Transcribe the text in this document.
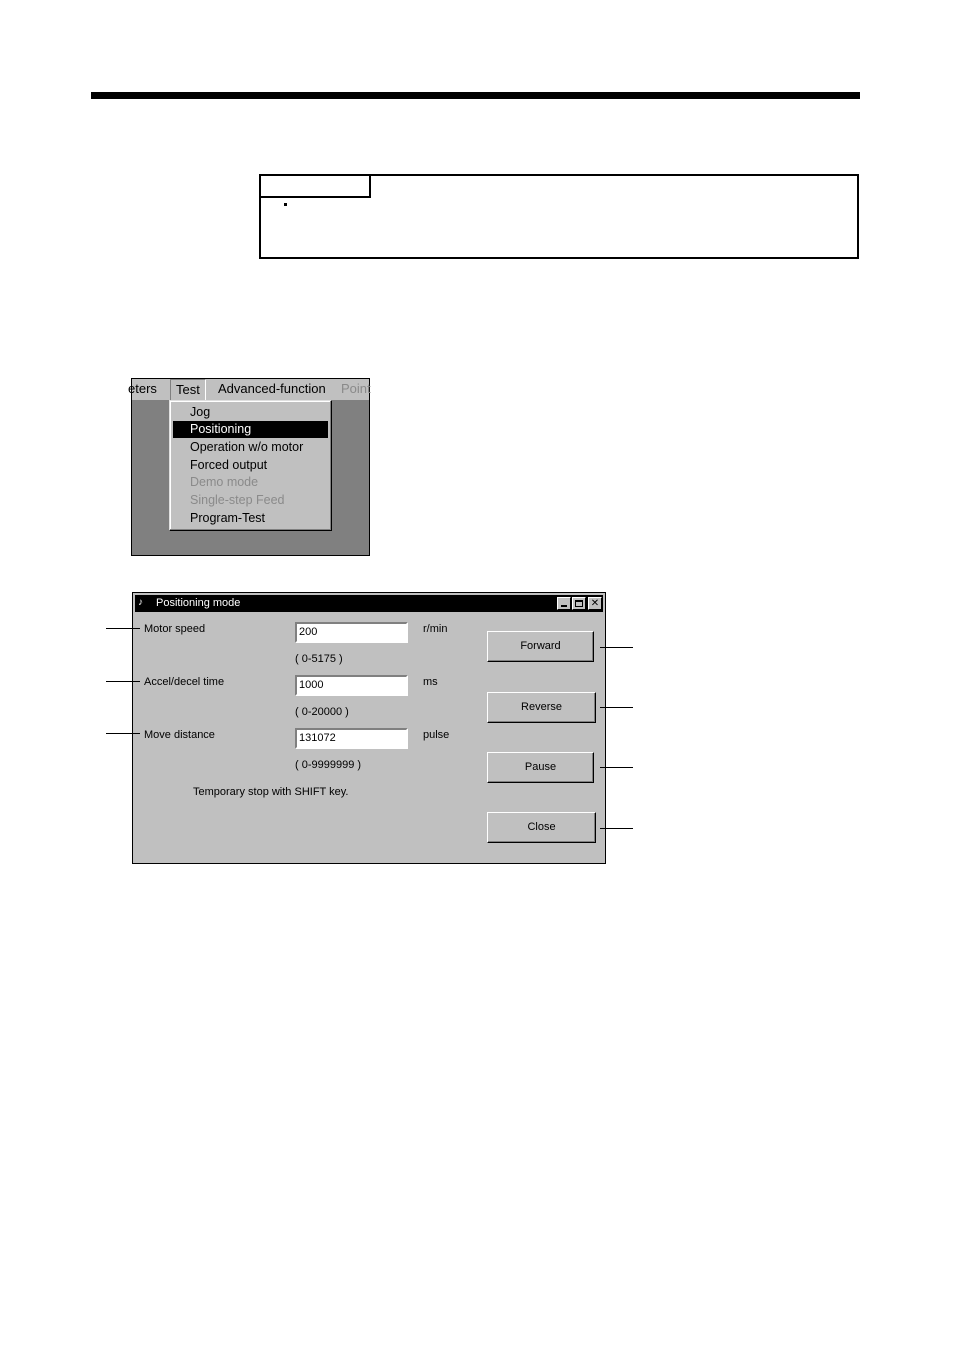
eters	Test	Advanced-function Point
Jog
Positioning
Operation w/o motor
Forced output
Demo mode
Single-step Feed
Program-Test
♪ Positioning mode	✕
Motor speed	200	r/min
( 0-5175 )
Accel/decel time	1000	ms
( 0-20000 )
Move distance	131072	pulse
( 0-9999999 )
Temporary stop with SHIFT key.
Forward
Reverse
Pause
Close
